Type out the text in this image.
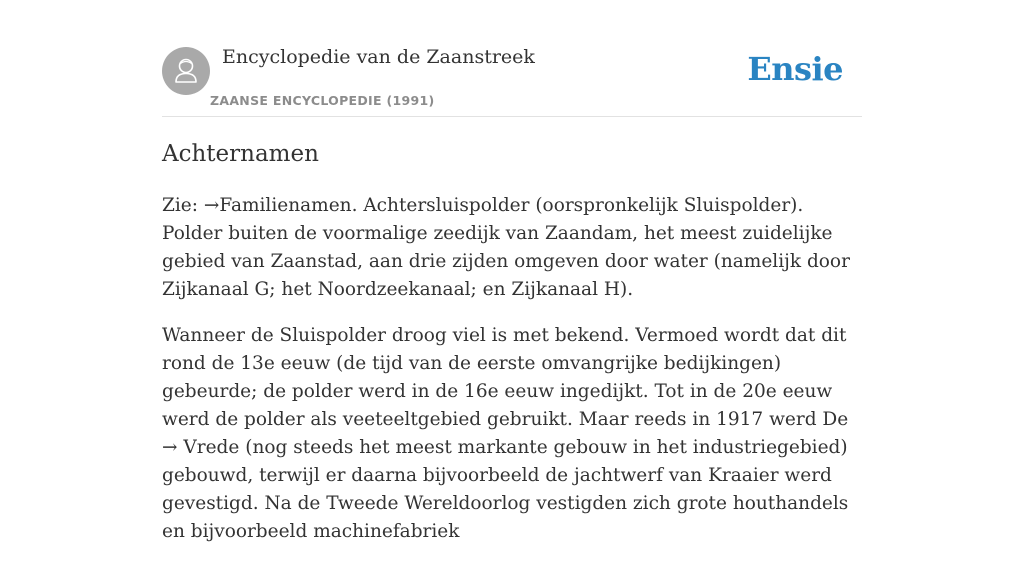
Encyclopedie van de Zaanstreek
ZAANSE ENCYCLOPEDIE (1991)
Ensie
Achternamen

Zie: →Familienamen. Achtersluispolder (oorspronkelijk Sluispolder). Polder buiten de voormalige zeedijk van Zaandam, het meest zuidelijke gebied van Zaanstad, aan drie zijden omgeven door water (namelijk door Zijkanaal G; het Noordzeekanaal; en Zijkanaal H).

Wanneer de Sluispolder droog viel is met bekend. Vermoed wordt dat dit rond de 13e eeuw (de tijd van de eerste omvangrijke bedijkingen) gebeurde; de polder werd in de 16e eeuw ingedijkt. Tot in de 20e eeuw werd de polder als veeteeltgebied gebruikt. Maar reeds in 1917 werd De → Vrede (nog steeds het meest markante gebouw in het industriegebied) gebouwd, terwijl er daarna bijvoorbeeld de jachtwerf van Kraaier werd gevestigd. Na de Tweede Wereldoorlog vestigden zich grote houthandels en bijvoorbeeld machinefabriek
